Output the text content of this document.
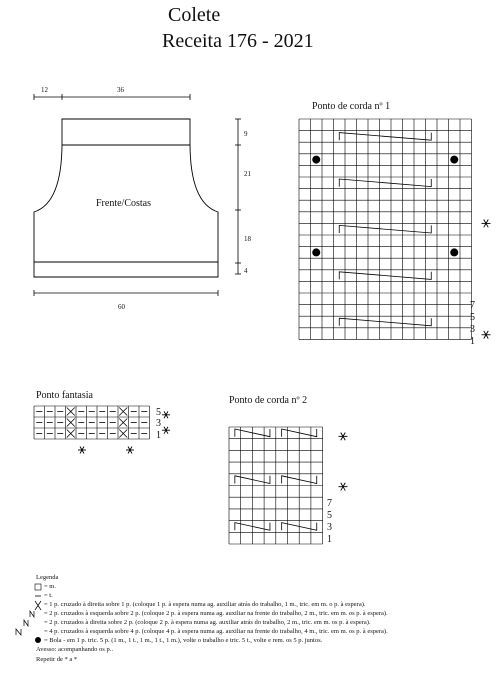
Colete
Receita 176 - 2021
12	36
9
21
18
4
60
Frente/Costas
Ponto de corda nº 1
Ponto fantasia	Ponto de corda nº 2
7
5
3
1
5
3
1
7
5
3
1
Legenda
= m.
= t.
= 1 p. cruzado à direita sobre 1 p. (coloque 1 p. à espera numa ag. auxiliar atrás do trabalho, 1 m., tric. em m. o p. à espera).
= 2 p. cruzados à esquerda sobre 2 p. (coloque 2 p. à espera numa ag. auxiliar na frente do trabalho, 2 m., tric. em m. os p. à espera).
= 2 p. cruzados à direita sobre 2 p. (coloque 2 p. à espera numa ag. auxiliar atrás do trabalho, 2 m., tric. em m. os p. à espera).
= 4 p. cruzados à esquerda sobre 4 p. (coloque 4 p. à espera numa ag. auxiliar na frente do trabalho, 4 m., tric. em m. os p. à espera).
= Bola - em 1 p. tric. 5 p. (1 m., 1 t., 1 m., 1 t., 1 m.), volte o trabalho e tric. 5 t., volte e rem. os 5 p. juntos.
Avesso: acompanhando os p..
Repetir de * a *
